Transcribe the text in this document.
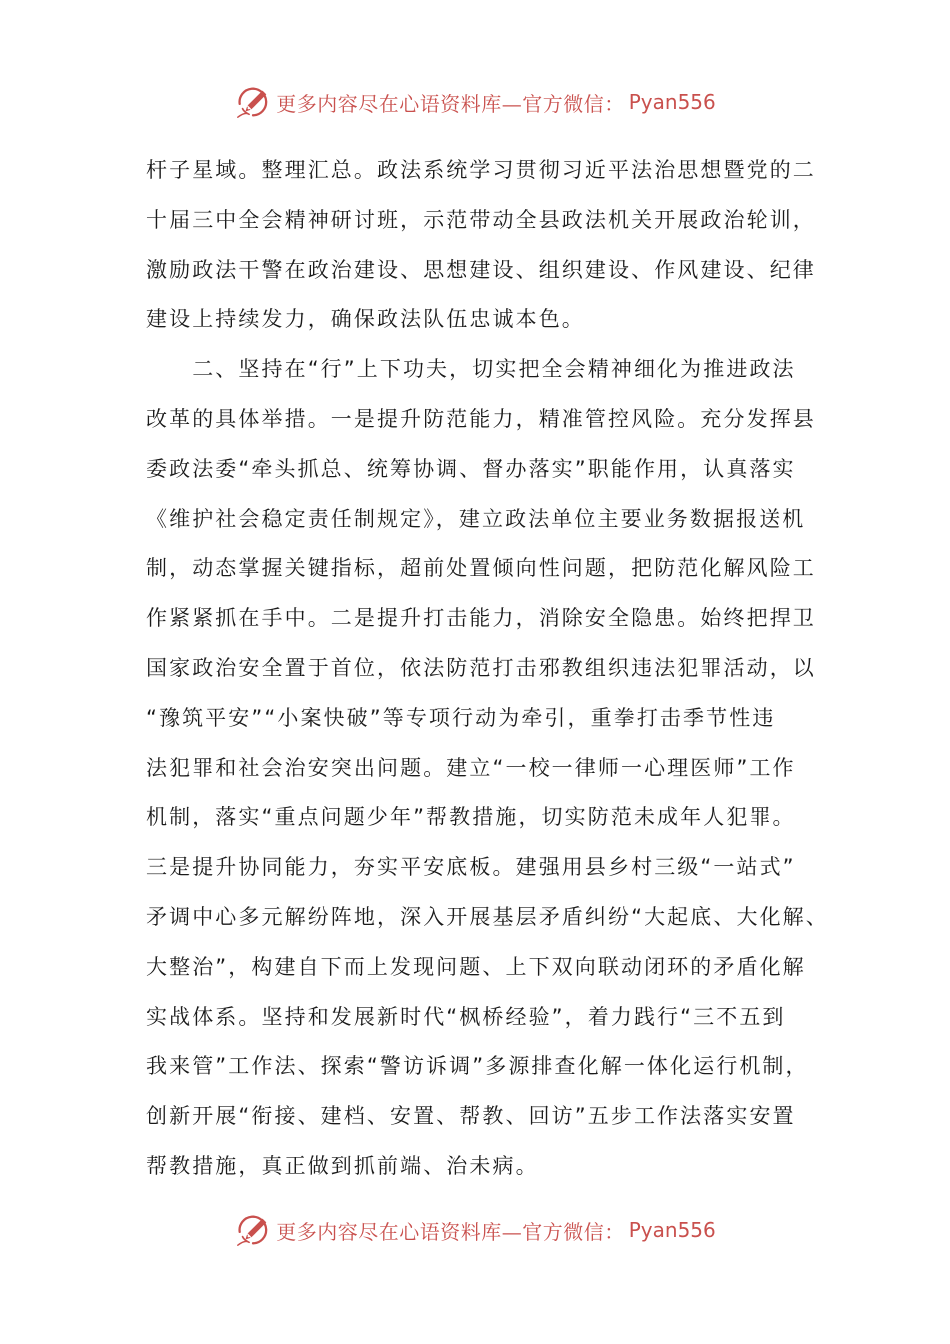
更多内容尽在心语资料库—官方微信： Pyan556
杆子星域。整理汇总。政法系统学习贯彻习近平法治思想暨党的二
十届三中全会精神研讨班，示范带动全县政法机关开展政治轮训，
激励政法干警在政治建设、思想建设、组织建设、作风建设、纪律
建设上持续发力，确保政法队伍忠诚本色。
　　二、坚持在“行”上下功夫，切实把全会精神细化为推进政法
改革的具体举措。一是提升防范能力，精准管控风险。充分发挥县
委政法委“牵头抓总、统筹协调、督办落实”职能作用，认真落实
《维护社会稳定责任制规定》，建立政法单位主要业务数据报送机
制，动态掌握关键指标，超前处置倾向性问题，把防范化解风险工
作紧紧抓在手中。二是提升打击能力，消除安全隐患。始终把捍卫
国家政治安全置于首位，依法防范打击邪教组织违法犯罪活动，以
“豫筑平安”“小案快破”等专项行动为牵引，重拳打击季节性违
法犯罪和社会治安突出问题。建立“一校一律师一心理医师”工作
机制，落实“重点问题少年”帮教措施，切实防范未成年人犯罪。
三是提升协同能力，夯实平安底板。建强用县乡村三级“一站式”
矛调中心多元解纷阵地，深入开展基层矛盾纠纷“大起底、大化解、
大整治”，构建自下而上发现问题、上下双向联动闭环的矛盾化解
实战体系。坚持和发展新时代“枫桥经验”，着力践行“三不五到
我来管”工作法、探索“警访诉调”多源排查化解一体化运行机制，
创新开展“衔接、建档、安置、帮教、回访”五步工作法落实安置
帮教措施，真正做到抓前端、治未病。
更多内容尽在心语资料库—官方微信： Pyan556
